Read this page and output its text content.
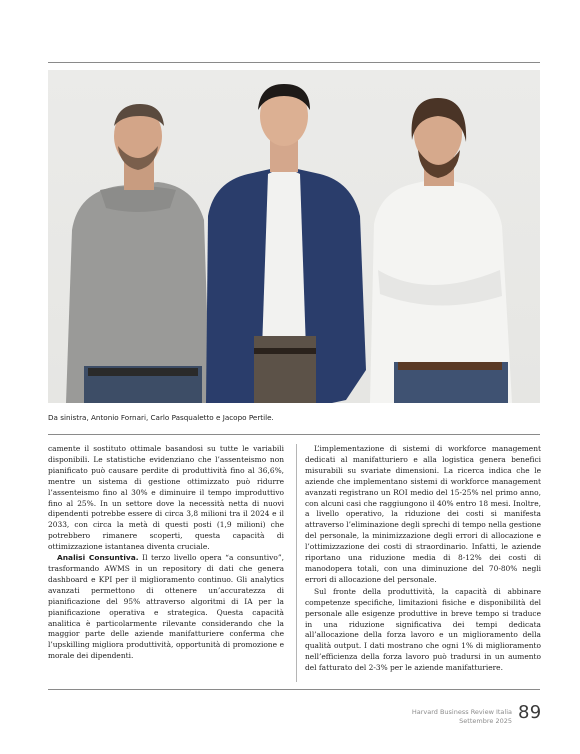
Da sinistra, Antonio Fornari, Carlo Pasqualetto e Jacopo Pertile.

camente il sostituto ottimale basandosi su tutte le variabili disponibili. Le statistiche evidenziano che l’assenteismo non pianificato può causare perdite di produttività fino al 36,6%, mentre un sistema di gestione ottimizzato può ridurre l’assenteismo fino al 30% e diminuire il tempo improduttivo fino al 25%. In un settore dove la necessità netta di nuovi dipendenti potrebbe essere di circa 3,8 milioni tra il 2024 e il 2033, con circa la metà di questi posti (1,9 milioni) che potrebbero rimanere scoperti, questa capacità di ottimizzazione istantanea diventa cruciale.

Analisi Consuntiva. Il terzo livello opera “a consuntivo”, trasformando AWMS in un repository di dati che genera dashboard e KPI per il miglioramento continuo. Gli analytics avanzati permettono di ottenere un’accuratezza di pianificazione del 95% attraverso algoritmi di IA per la pianificazione operativa e strategica. Questa capacità analitica è particolarmente rilevante considerando che la maggior parte delle aziende manifatturiere conferma che l’upskilling migliora produttività, opportunità di promozione e morale dei dipendenti.

L’implementazione di sistemi di workforce management dedicati al manifatturiero e alla logistica genera benefici misurabili su svariate dimensioni. La ricerca indica che le aziende che implementano sistemi di workforce management avanzati registrano un ROI medio del 15-25% nel primo anno, con alcuni casi che raggiungono il 40% entro 18 mesi. Inoltre, a livello operativo, la riduzione dei costi si manifesta attraverso l’eliminazione degli sprechi di tempo nella gestione del personale, la minimizzazione degli errori di allocazione e l’ottimizzazione dei costi di straordinario. Infatti, le aziende riportano una riduzione media di 8-12% dei costi di manodopera totali, con una diminuzione del 70-80% negli errori di allocazione del personale.

Sul fronte della produttività, la capacità di abbinare competenze specifiche, limitazioni fisiche e disponibilità del personale alle esigenze produttive in breve tempo si traduce in una riduzione significativa dei tempi dedicata all’allocazione della forza lavoro e un miglioramento della qualità output. I dati mostrano che ogni 1% di miglioramento nell’efficienza della forza lavoro può tradursi in un aumento del fatturato del 2-3% per le aziende manifatturiere.

Harvard Business Review Italia
Settembre 2025 89
